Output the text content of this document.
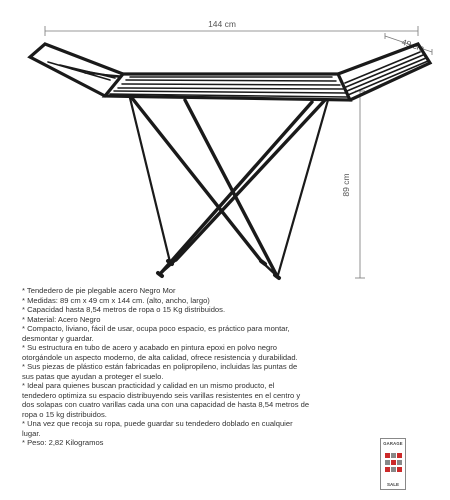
144 cm
49 cm
89 cm
* Tendedero de pie plegable acero Negro Mor
* Medidas: 89 cm x 49 cm x 144 cm. (alto, ancho, largo)
* Capacidad hasta 8,54 metros de ropa o 15 Kg distribuidos.
* Material: Acero Negro
* Compacto, liviano, fácil de usar, ocupa poco espacio, es práctico para montar,
desmontar y guardar.
* Su estructura en tubo de acero y acabado en pintura epoxi en polvo negro
otorgándole un aspecto moderno, de alta calidad, ofrece resistencia y durabilidad.
* Sus piezas de plástico están fabricadas en polipropileno, incluidas las puntas de
sus patas que ayudan a proteger el suelo.
* Ideal para quienes buscan practicidad y calidad en un mismo producto, el
tendedero optimiza su espacio distribuyendo seis varillas resistentes en el centro y
dos solapas con cuatro varillas cada una con una capacidad de hasta 8,54 metros de
ropa o 15 kg distribuidos.
* Una vez que recoja su ropa, puede guardar su tendedero doblado en cualquier
lugar.
* Peso: 2,82 Kilogramos	GARAGE
SALE
